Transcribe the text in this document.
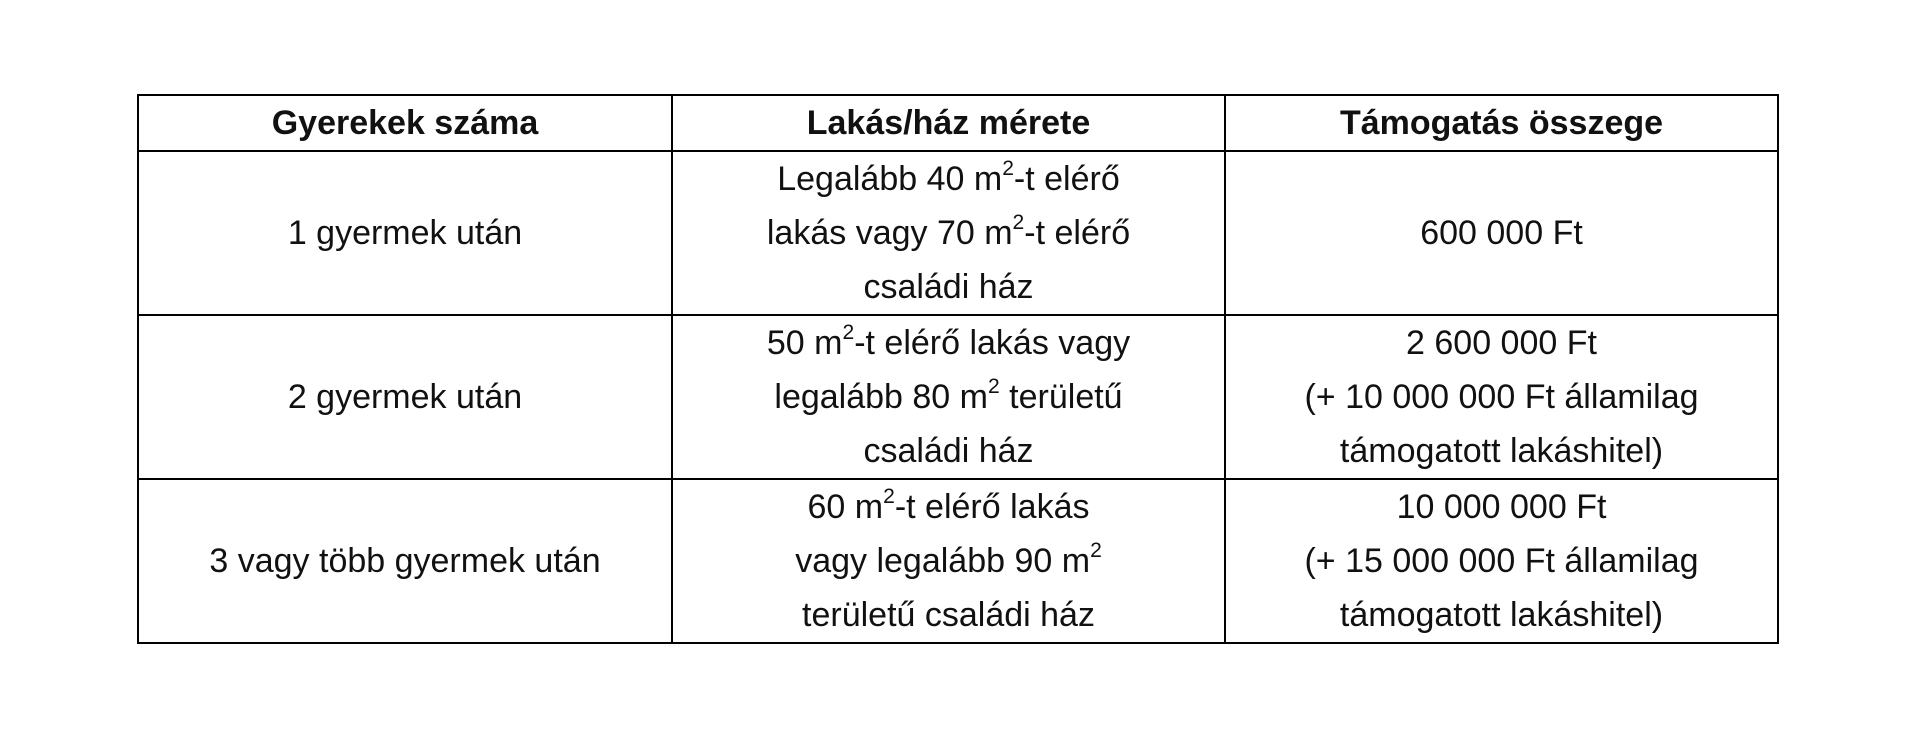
Gyerekek száma	Lakás/ház mérete	Támogatás összege
1 gyermek után	Legalább 40 $m^2-t$ elérő
lakás vagy 70 $m^2-t$ elérő
családi ház	600 000 Ft

2 gyermek után	50 $m^2-t$ elérő lakás vagy
legalább 80 $m^2$ területű
családi ház	2 600 000 Ft
(+ 10 000 000 Ft államilag
támogatott lakáshitel)

3 vagy több gyermek után	60 $m^2-t$ elérő lakás
vagy legalább 90 $m^2$
területű családi ház	10 000 000 Ft
(+ 15 000 000 Ft államilag
támogatott lakáshitel)
